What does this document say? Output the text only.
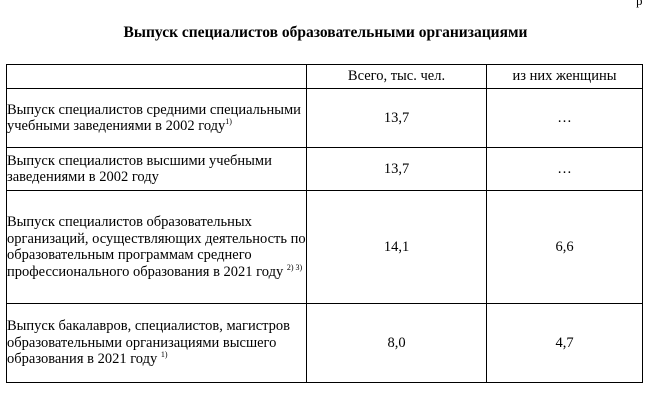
р
Выпуск специалистов образовательными организациями
	Всего, тыс. чел.	из них женщины
Выпуск специалистов средними специальными учебными заведениями в 2002 году$^{1)}$	13,7	…
Выпуск специалистов высшими учебными заведениями в 2002 году	13,7	…
Выпуск специалистов образовательных организаций, осуществляющих деятельность по образовательным программам среднего профессионального образования в 2021 году $^{2) 3)}$	14,1	6,6
Выпуск бакалавров, специалистов, магистров образовательными организациями высшего образования в 2021 году $^{1)}$	8,0	4,7
